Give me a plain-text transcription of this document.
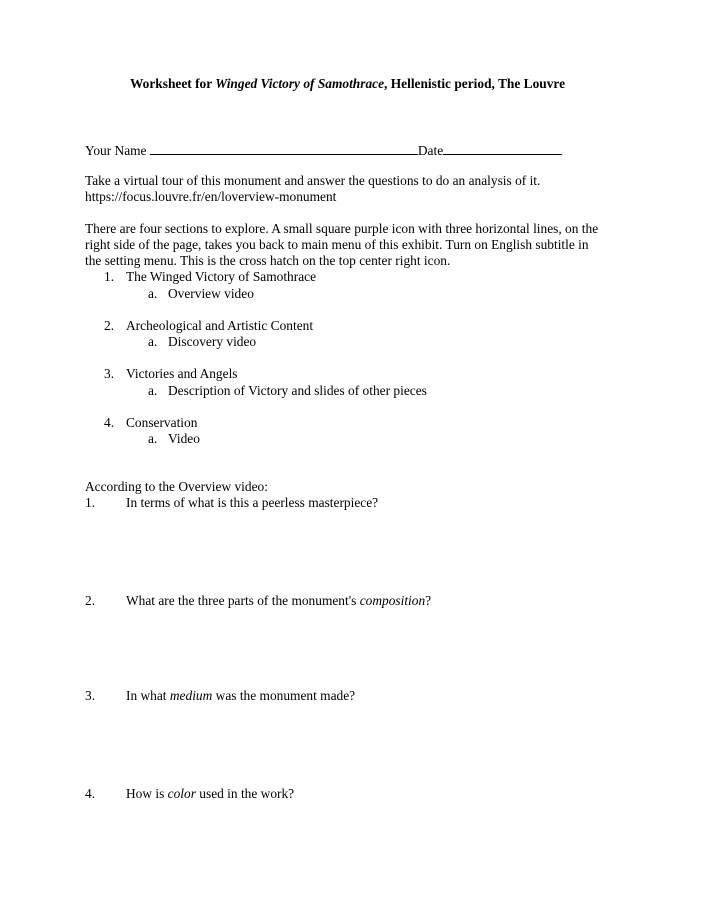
Worksheet for Winged Victory of Samothrace, Hellenistic period, The Louvre
Your Name	Date
Take a virtual tour of this monument and answer the questions to do an analysis of it.
https://focus.louvre.fr/en/loverview-monument
There are four sections to explore. A small square purple icon with three horizontal lines, on the
right side of the page, takes you back to main menu of this exhibit. Turn on English subtitle in
the setting menu. This is the cross hatch on the top center right icon.
1. The Winged Victory of Samothrace
a. Overview video
2. Archeological and Artistic Content
a. Discovery video
3. Victories and Angels
a. Description of Victory and slides of other pieces
4. Conservation
a. Video
According to the Overview video:
1. In terms of what is this a peerless masterpiece?
2. What are the three parts of the monument's composition?
3. In what medium was the monument made?
4. How is color used in the work?
